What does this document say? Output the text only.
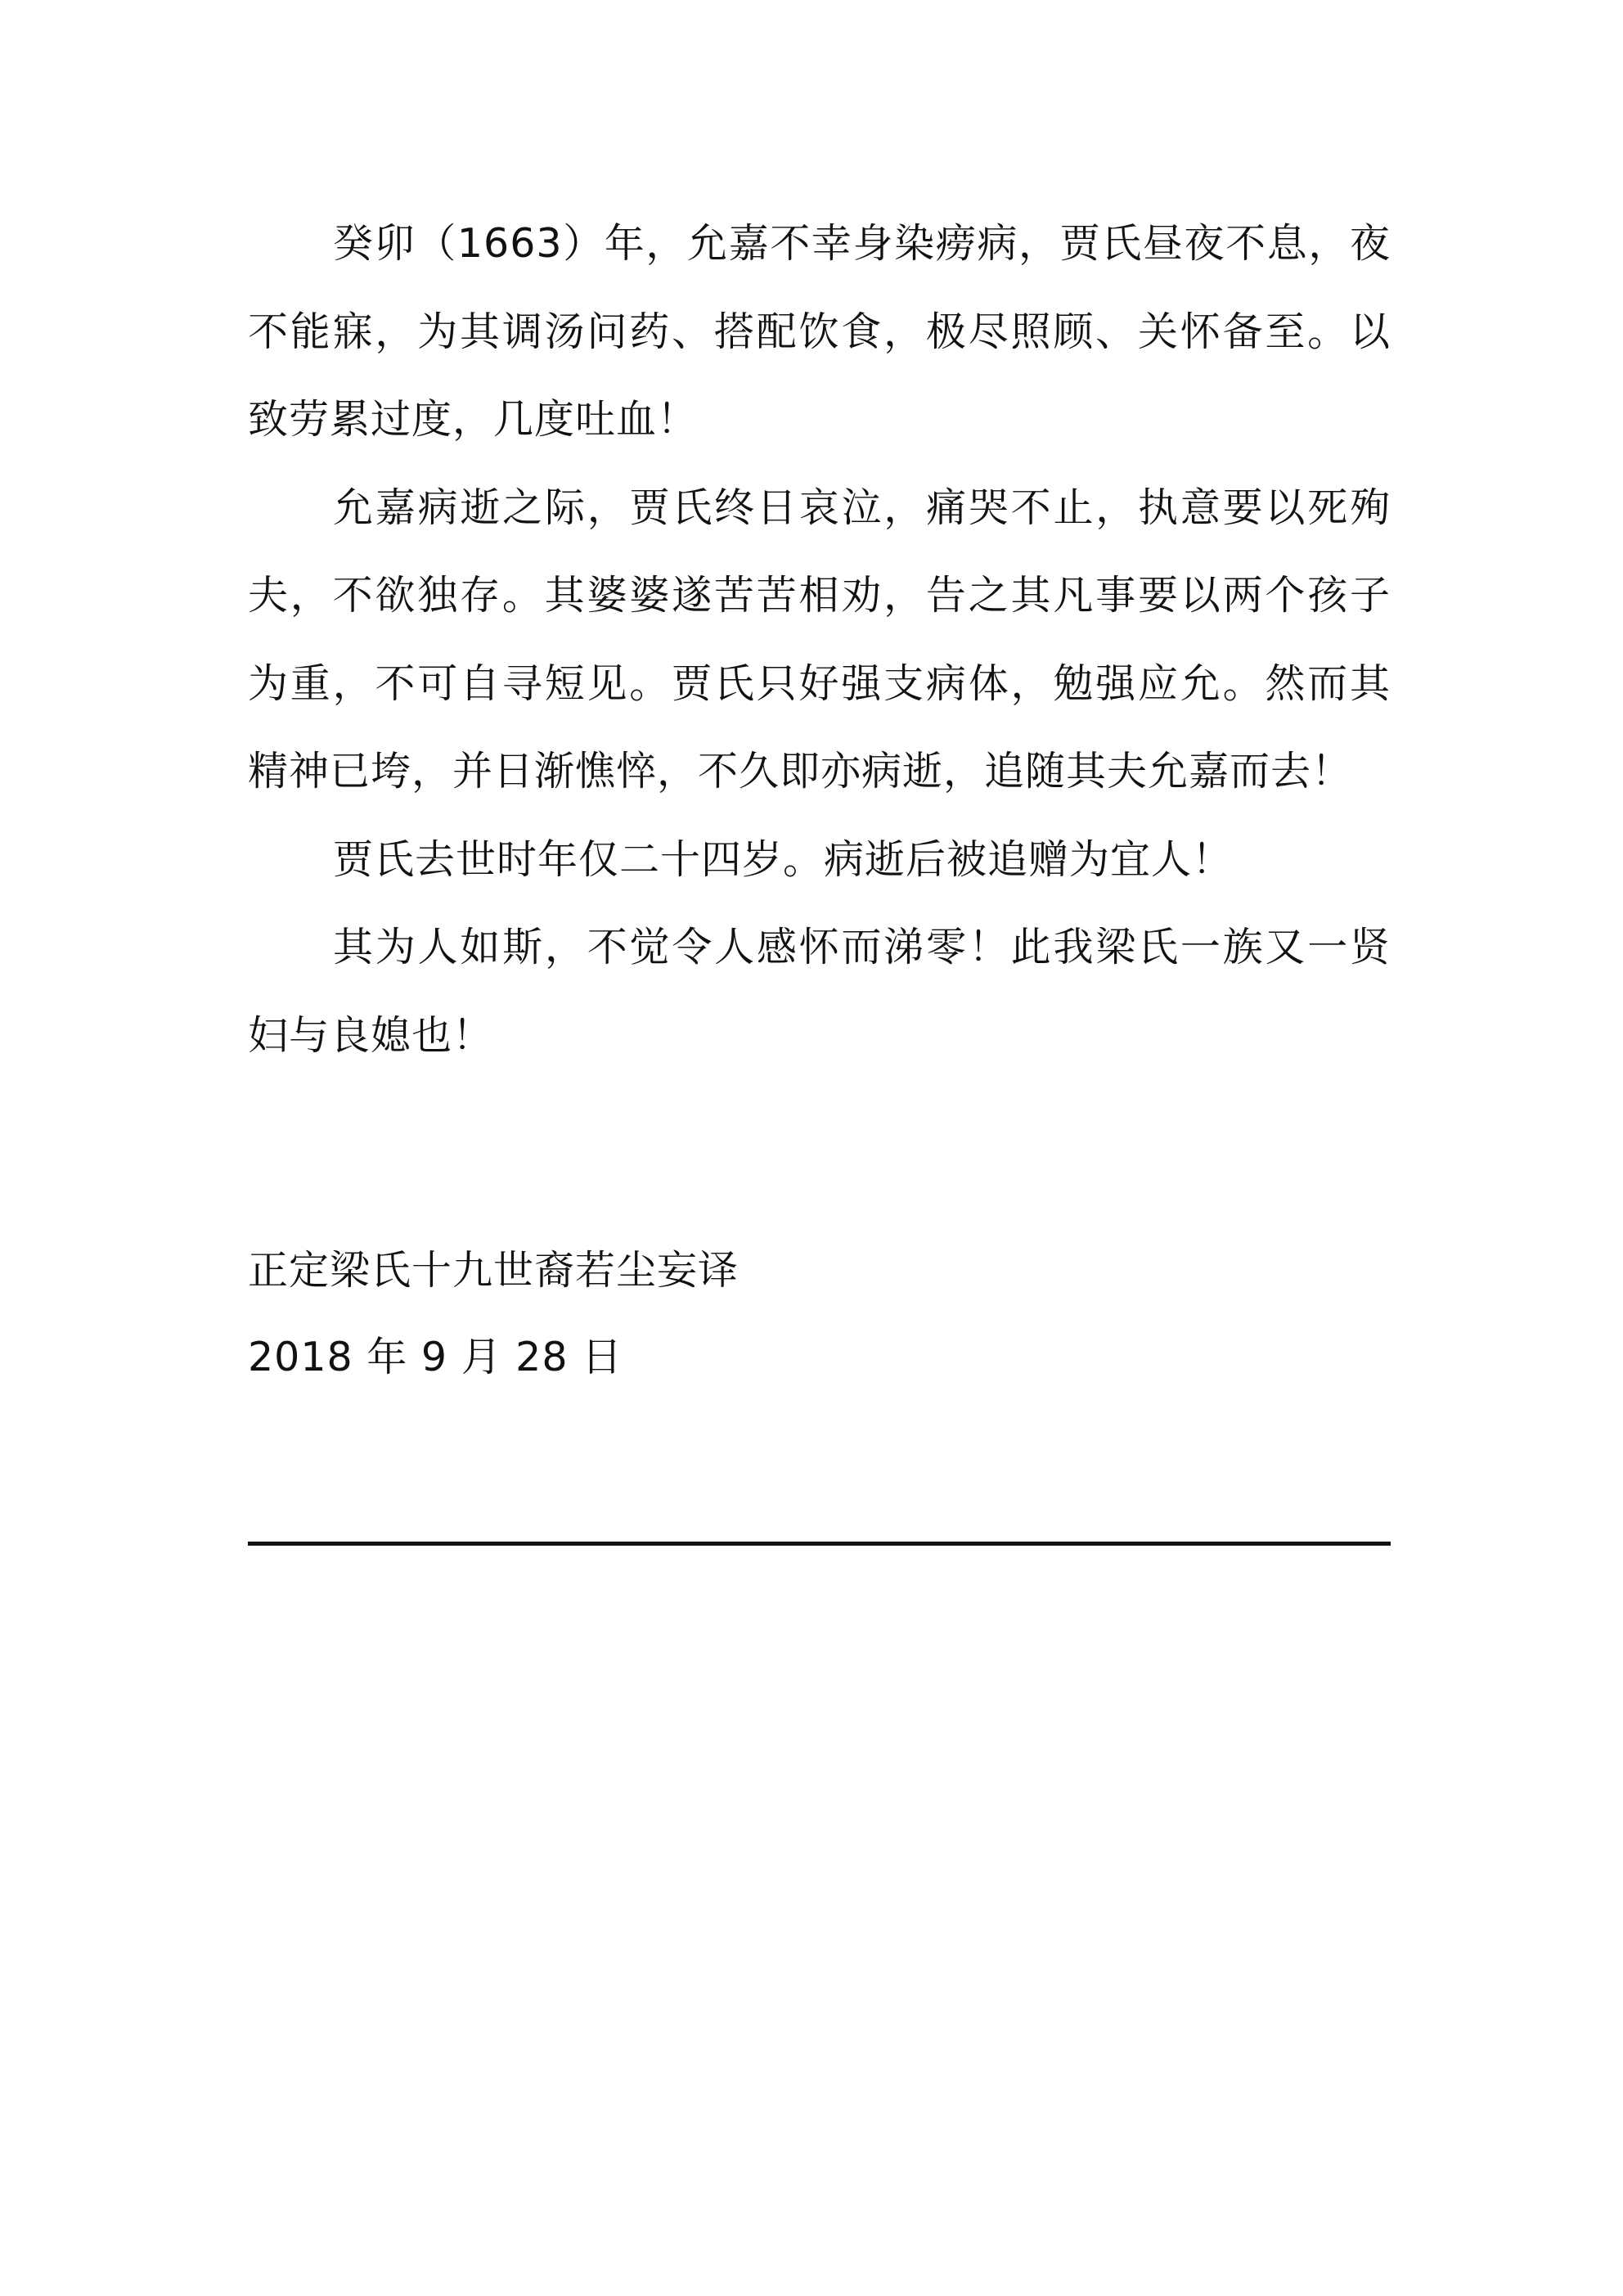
癸卯（1663）年，允嘉不幸身染痨病，贾氏昼夜不息，夜不能寐，为其调汤问药、搭配饮食，极尽照顾、关怀备至。以致劳累过度，几度吐血！

允嘉病逝之际，贾氏终日哀泣，痛哭不止，执意要以死殉夫，不欲独存。其婆婆遂苦苦相劝，告之其凡事要以两个孩子为重，不可自寻短见。贾氏只好强支病体，勉强应允。然而其精神已垮，并日渐憔悴，不久即亦病逝，追随其夫允嘉而去！

贾氏去世时年仅二十四岁。病逝后被追赠为宜人！

其为人如斯，不觉令人感怀而涕零！此我梁氏一族又一贤妇与良媳也！

正定梁氏十九世裔若尘妄译

2018 年 9 月 28 日
